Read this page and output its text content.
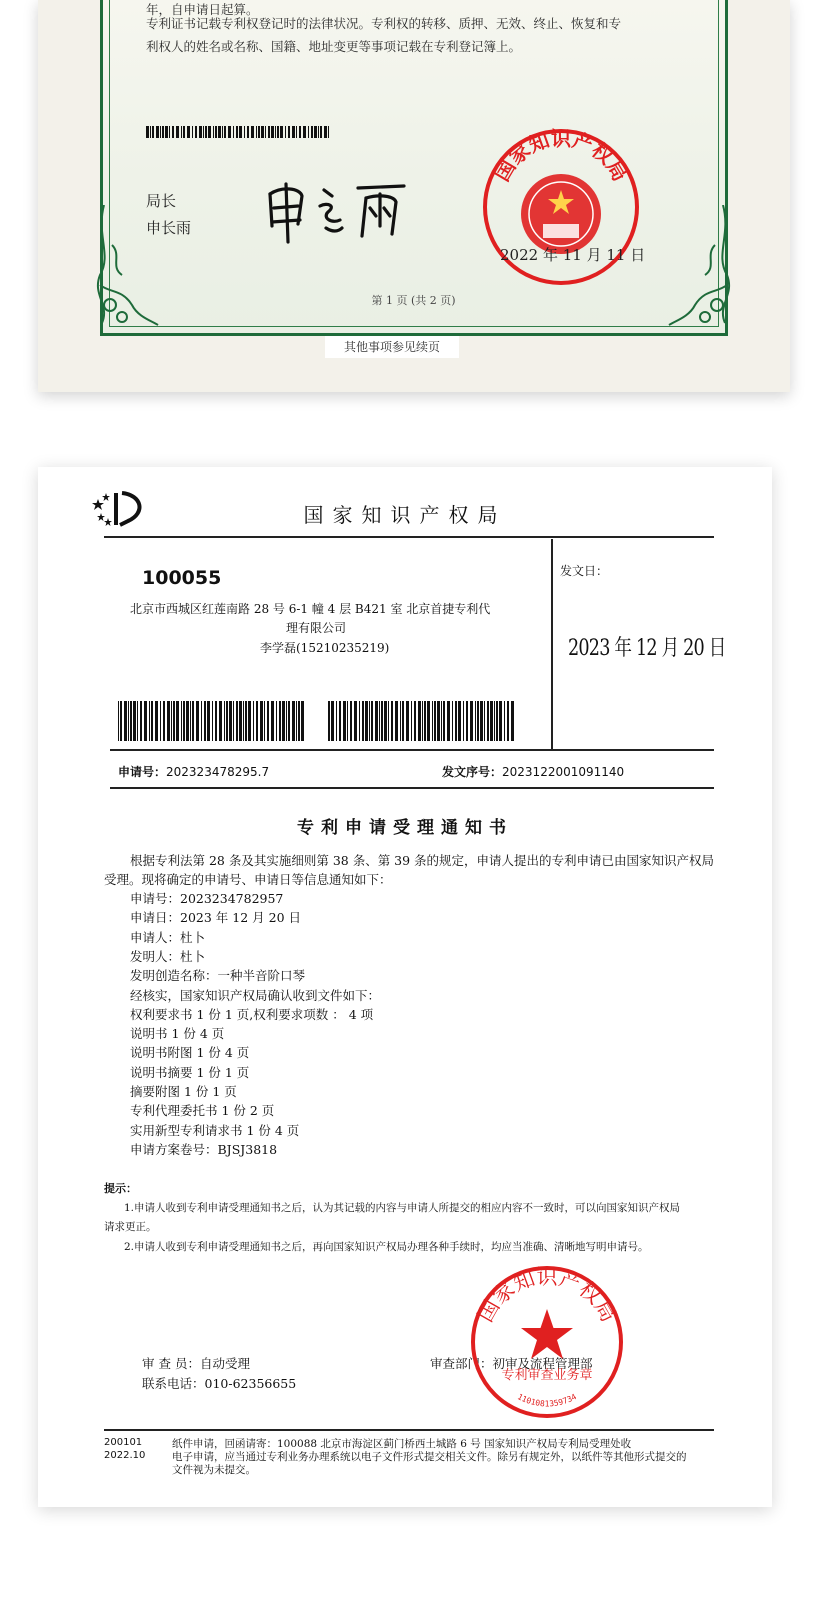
年，自申请日起算。
专利证书记载专利权登记时的法律状况。专利权的转移、质押、无效、终止、恢复和专
利权人的姓名或名称、国籍、地址变更等事项记载在专利登记簿上。
局长
申长雨
国家知识产权局
2022 年 11 月 11 日
第 1 页 (共 2 页)
其他事项参见续页
国家知识产权局
100055
北京市西城区红莲南路 28 号 6-1 幢 4 层 B421 室 北京首捷专利代
理有限公司
李学磊(15210235219)
发文日：
2023 年 12 月 20 日
申请号：202323478295.7	发文序号：2023122001091140
专利申请受理通知书
根据专利法第 28 条及其实施细则第 38 条、第 39 条的规定，申请人提出的专利申请已由国家知识产权局
受理。现将确定的申请号、申请日等信息通知如下：
申请号：2023234782957
申请日：2023 年 12 月 20 日
申请人：杜卜
发明人：杜卜
发明创造名称：一种半音阶口琴
经核实，国家知识产权局确认收到文件如下：
权利要求书 1 份 1 页,权利要求项数 ： 4 项
说明书 1 份 4 页
说明书附图 1 份 4 页
说明书摘要 1 份 1 页
摘要附图 1 份 1 页
专利代理委托书 1 份 2 页
实用新型专利请求书 1 份 4 页
申请方案卷号：BJSJ3818
提示：
1.申请人收到专利申请受理通知书之后，认为其记载的内容与申请人所提交的相应内容不一致时，可以向国家知识产权局
请求更正。
2.申请人收到专利申请受理通知书之后，再向国家知识产权局办理各种手续时，均应当准确、清晰地写明申请号。
审 查 员：自动受理
联系电话：010-62356655
审查部门：初审及流程管理部
国家知识产权局
专利审查业务章
1101081359734
200101
2022.10
纸件申请，回函请寄：100088 北京市海淀区蓟门桥西土城路 6 号 国家知识产权局专利局受理处收
电子申请，应当通过专利业务办理系统以电子文件形式提交相关文件。除另有规定外，以纸件等其他形式提交的
文件视为未提交。
